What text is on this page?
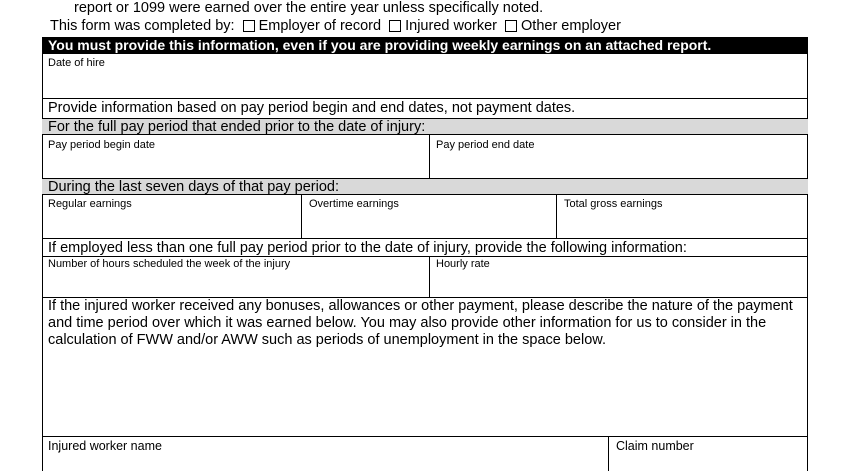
report or 1099 were earned over the entire year unless specifically noted.
This form was completed by: Employer of record Injured worker Other employer
You must provide this information, even if you are providing weekly earnings on an attached report.
Date of hire
Provide information based on pay period begin and end dates, not payment dates.
For the full pay period that ended prior to the date of injury:
Pay period begin date	Pay period end date
During the last seven days of that pay period:
Regular earnings	Overtime earnings	Total gross earnings
If employed less than one full pay period prior to the date of injury, provide the following information:
Number of hours scheduled the week of the injury	Hourly rate
If the injured worker received any bonuses, allowances or other payment, please describe the nature of the payment and time period over which it was earned below. You may also provide other information for us to consider in the calculation of FWW and/or AWW such as periods of unemployment in the space below.
Injured worker name	Claim number
